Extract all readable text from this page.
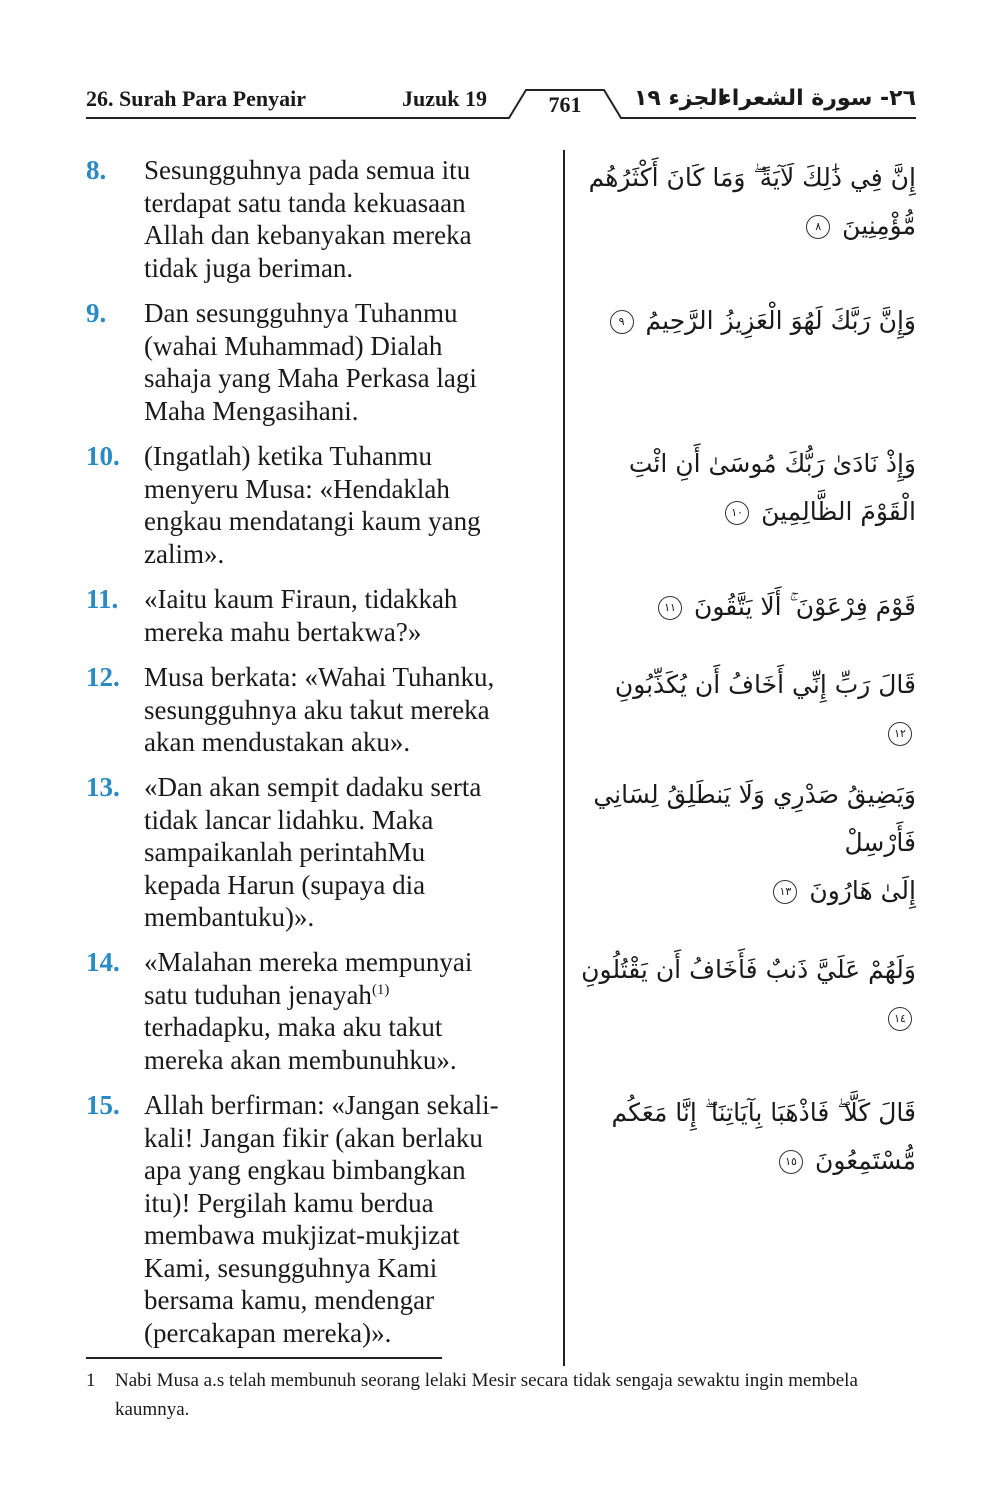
26. Surah Para Penyair	Juzuk 19	761	الجزء ١٩
٢٦- سورة الشعراء
8.	Sesungguhnya pada semua itu
terdapat satu tanda kekuasaan
Allah dan kebanyakan mereka
tidak juga beriman.
إِنَّ فِي ذَٰلِكَ لَآيَةً ۖ وَمَا كَانَ أَكْثَرُهُم مُّؤْمِنِينَ ٨
9.	Dan sesungguhnya Tuhanmu
(wahai Muhammad) Dialah
sahaja yang Maha Perkasa lagi
Maha Mengasihani.
وَإِنَّ رَبَّكَ لَهُوَ الْعَزِيزُ الرَّحِيمُ ٩
10. (Ingatlah) ketika Tuhanmu
menyeru Musa: «Hendaklah
engkau mendatangi kaum yang
zalim».
وَإِذْ نَادَىٰ رَبُّكَ مُوسَىٰ أَنِ ائْتِ الْقَوْمَ الظَّالِمِينَ ١٠
11. «Iaitu kaum Firaun, tidakkah
mereka mahu bertakwa?»
قَوْمَ فِرْعَوْنَ ۚ أَلَا يَتَّقُونَ ١١
12. Musa berkata: «Wahai Tuhanku,
sesungguhnya aku takut mereka
akan mendustakan aku».
قَالَ رَبِّ إِنِّي أَخَافُ أَن يُكَذِّبُونِ ١٢
13. «Dan akan sempit dadaku serta
tidak lancar lidahku. Maka
sampaikanlah perintahMu
kepada Harun (supaya dia
membantuku)».
وَيَضِيقُ صَدْرِي وَلَا يَنطَلِقُ لِسَانِي فَأَرْسِلْ
إِلَىٰ هَارُونَ ١٣
14. «Malahan mereka mempunyai
satu tuduhan jenayah$^{(1)}$
terhadapku, maka aku takut
mereka akan membunuhku».
وَلَهُمْ عَلَيَّ ذَنبٌ فَأَخَافُ أَن يَقْتُلُونِ ١٤
15. Allah berfirman: «Jangan sekali-
kali! Jangan fikir (akan berlaku
apa yang engkau bimbangkan
itu)! Pergilah kamu berdua
membawa mukjizat-mukjizat
Kami, sesungguhnya Kami
bersama kamu, mendengar
(percakapan mereka)».
قَالَ كَلَّا ۖ فَاذْهَبَا بِآيَاتِنَا ۖ إِنَّا مَعَكُم
مُّسْتَمِعُونَ ١٥
1 Nabi Musa a.s telah membunuh seorang lelaki Mesir secara tidak sengaja sewaktu ingin membela kaumnya.
